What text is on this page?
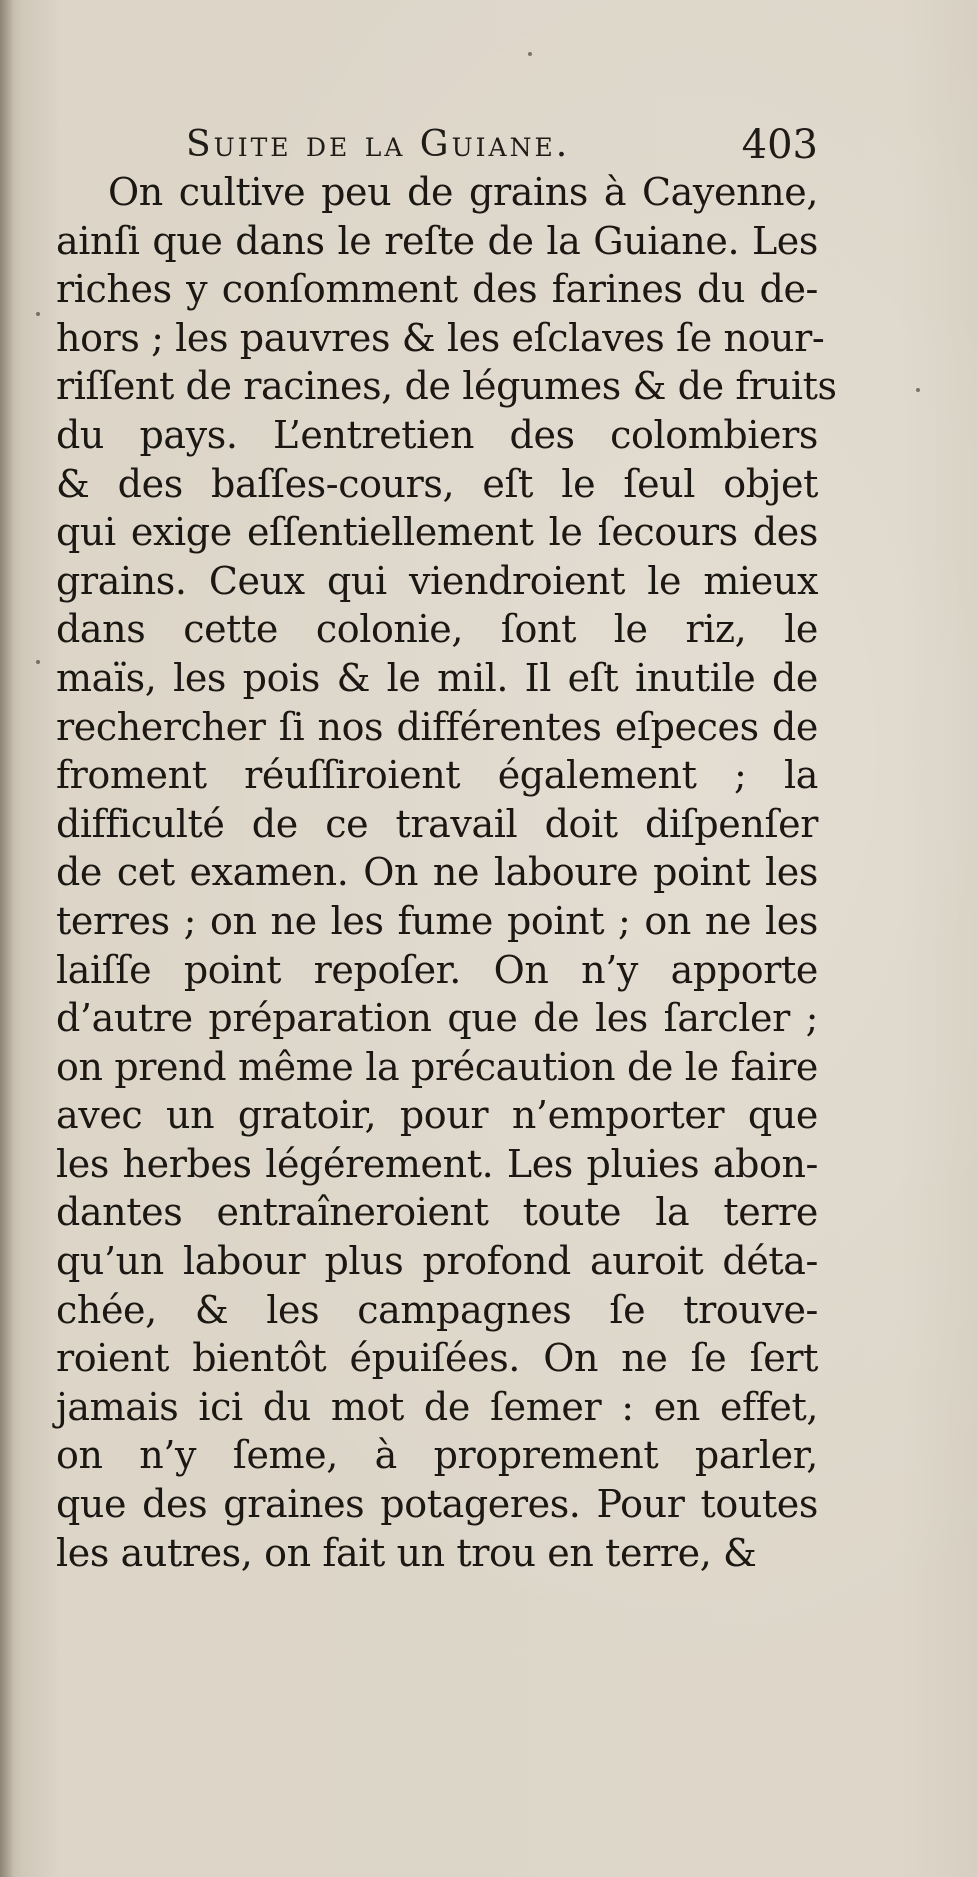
Suite de la Guiane.	403
On cultive peu de grains à Cayenne,
ainſi que dans le reſte de la Guiane. Les
riches y conſomment des farines du de-
hors ; les pauvres & les eſclaves ſe nour-
riſſent de racines, de légumes & de fruits
du pays. L’entretien des colombiers
& des baſſes-cours, eſt le ſeul objet
qui exige eſſentiellement le ſecours des
grains. Ceux qui viendroient le mieux
dans cette colonie, ſont le riz, le
maïs, les pois & le mil. Il eſt inutile de
rechercher ſi nos différentes eſpeces de
froment réuſſiroient également ; la
difficulté de ce travail doit diſpenſer
de cet examen. On ne laboure point les
terres ; on ne les fume point ; on ne les
laiſſe point repoſer. On n’y apporte
d’autre préparation que de les ſarcler ;
on prend même la précaution de le faire
avec un gratoir, pour n’emporter que
les herbes légérement. Les pluies abon-
dantes entraîneroient toute la terre
qu’un labour plus profond auroit déta-
chée, & les campagnes ſe trouve-
roient bientôt épuiſées. On ne ſe ſert
jamais ici du mot de ſemer : en effet,
on n’y ſeme, à proprement parler,
que des graines potageres. Pour toutes
les autres, on fait un trou en terre, &
